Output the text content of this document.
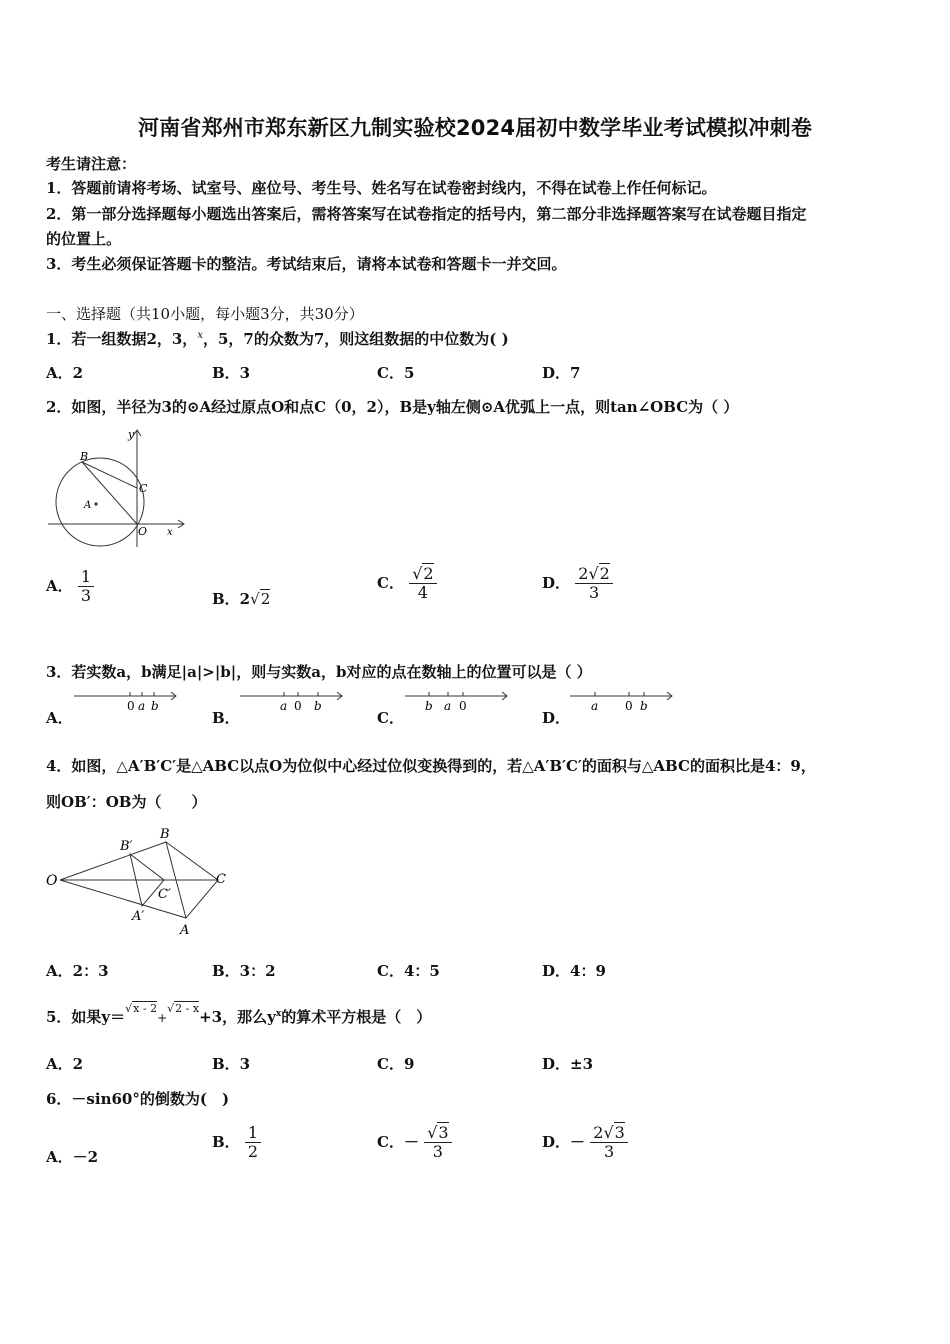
河南省郑州市郑东新区九制实验校2024届初中数学毕业考试模拟冲刺卷
考生请注意：
1．答题前请将考场、试室号、座位号、考生号、姓名写在试卷密封线内，不得在试卷上作任何标记。
2．第一部分选择题每小题选出答案后，需将答案写在试卷指定的括号内，第二部分非选择题答案写在试卷题目指定
的位置上。
3．考生必须保证答题卡的整洁。考试结束后，请将本试卷和答题卡一并交回。
一、选择题（共10小题，每小题3分，共30分）
1．若一组数据2，3，$^x$，5，7的众数为7，则这组数据的中位数为( )
A．2	B．3	C．5	D．7
2．如图，半径为3的⊙A经过原点O和点C（0，2），B是y轴左侧⊙A优弧上一点，则tan∠OBC为（ ）
y
B
C
A
O x
A． $\frac{1}{3}$	B．2√2
C． $\frac{√2}{4}$	D． $\frac{2√2}{3}$
3．若实数a，b满足|a|>|b|，则与实数a，b对应的点在数轴上的位置可以是（ ）
A．	B．	C．	D．
0 a b	a 0 b	b a 0	a 0 b
4．如图，△A′B′C′是△ABC以点O为位似中心经过位似变换得到的，若△A′B′C′的面积与△ABC的面积比是4：9，
则OB′：OB为（　　）
O
B′
B
C
C′
A′
A
A．2：3	B．3：2	C．4：5	D．4：9
5．如果y＝$^{√x - 2}$+$^{√2 - x}$+3，那么$y^x$的算术平方根是（　）
A．2	B．3	C．9	D．±3
6．－sin60°的倒数为(　)
A．－2
B． $\frac{1}{2}$	C．－ $\frac{√3}{3}$	D．－ $\frac{2√3}{3}$
